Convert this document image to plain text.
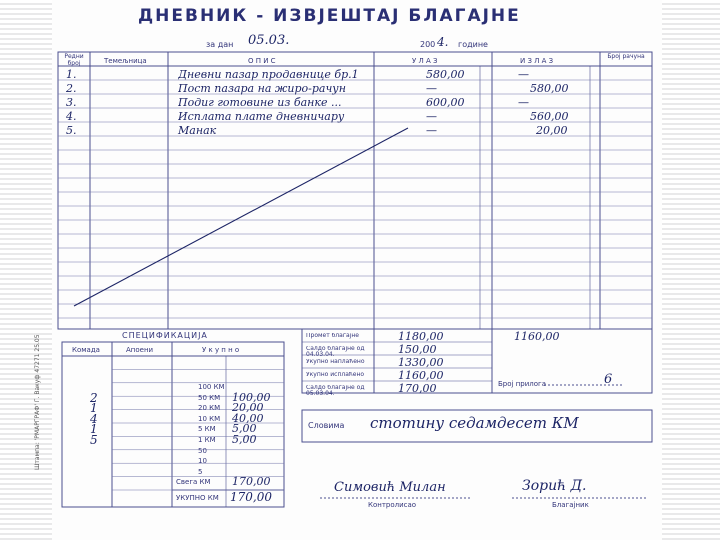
ДНЕВНИК - ИЗВЈЕШТАЈ БЛАГАЈНЕ
за дан 05.03.	200 4. године
Редни број	Темељница	О П И С	У Л А З	И З Л А З
Број рачуна
1.	Дневни пазар продавнице бр.1	580,00	—
2.	Пост пазара на жиро-рачун	—	580,00
3.	Подиг готовине из банке ...	600,00	—
4.	Исплата плате дневничару	—	560,00
5.	Манак	—	20,00
СПЕЦИФИКАЦИЈА
Комада	Апоени	У к у п н о
100 КМ
2	50 КМ 100,00
1	20 КМ 20,00
4	10 КМ 40,00
1	5 КМ 5,00
5	1 КМ 5,00
50
10
5
Свега КМ 170,00
УКУПНО КМ 170,00
Промет благајне	1180,00	1160,00
Салдо благајне од 04.03.04.	150,00
Укупно наплаћено	1330,00
Укупно исплаћено	1160,00
Салдо благајне од 05.03.04.	170,00	Број прилога	6
Словима стотину седамдесет КМ
Симовић Милан
Контролисао
Зорић Д.
Благајник
Штампа: 'РМАРГРАФ' Г. Вакуф 47271 25.05
